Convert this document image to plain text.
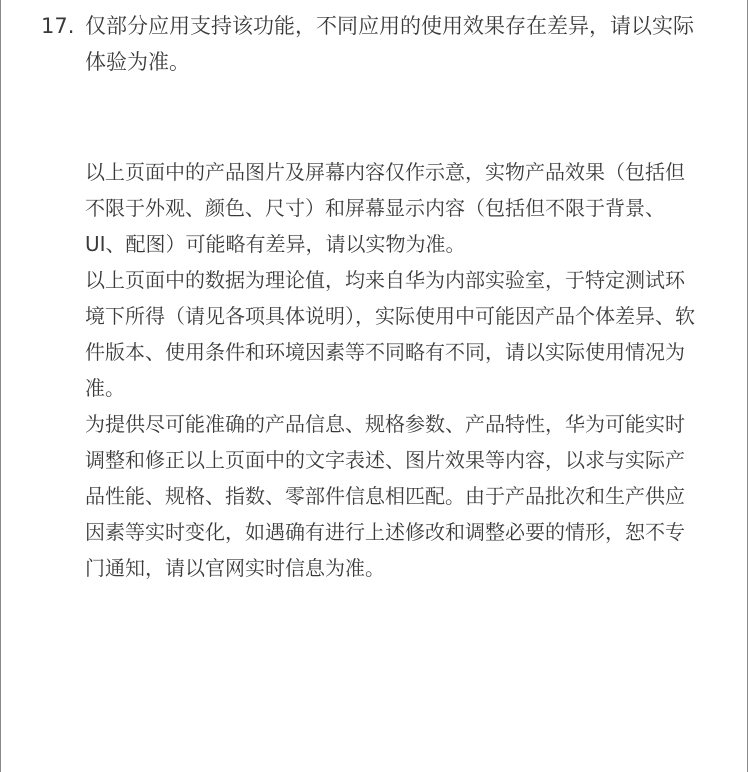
17. 仅部分应用支持该功能，不同应用的使用效果存在差异，请以实际体验为准。

以上页面中的产品图片及屏幕内容仅作示意，实物产品效果（包括但不限于外观、颜色、尺寸）和屏幕显示内容（包括但不限于背景、UI、配图）可能略有差异，请以实物为准。

以上页面中的数据为理论值，均来自华为内部实验室，于特定测试环境下所得（请见各项具体说明），实际使用中可能因产品个体差异、软件版本、使用条件和环境因素等不同略有不同，请以实际使用情况为准。

为提供尽可能准确的产品信息、规格参数、产品特性，华为可能实时调整和修正以上页面中的文字表述、图片效果等内容，以求与实际产品性能、规格、指数、零部件信息相匹配。由于产品批次和生产供应因素等实时变化，如遇确有进行上述修改和调整必要的情形，恕不专门通知，请以官网实时信息为准。
